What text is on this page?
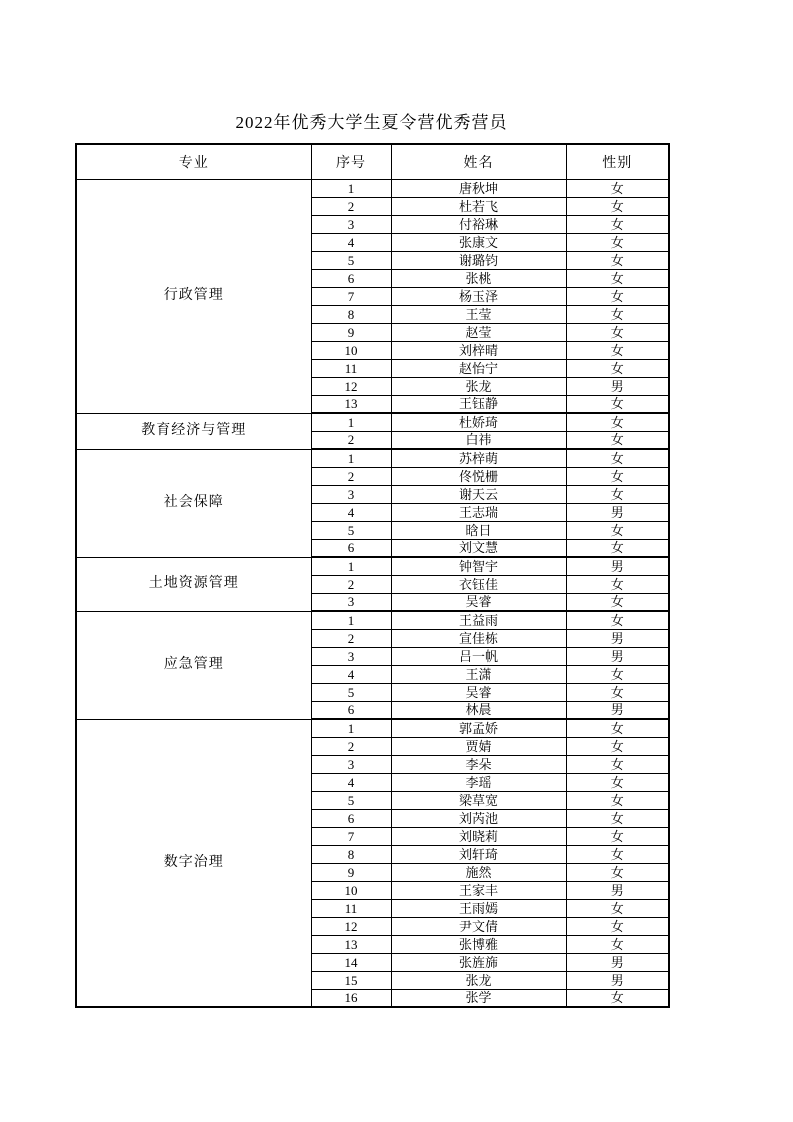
2022年优秀大学生夏令营优秀营员
专业	序号	姓名	性别
行政管理	1	唐秋坤	女
	2	杜若飞	女
	3	付裕琳	女
	4	张康文	女
	5	谢璐钧	女
	6	张桃	女
	7	杨玉泽	女
	8	王莹	女
	9	赵莹	女
	10	刘梓晴	女
	11	赵怡宁	女
	12	张龙	男
	13	王钰静	女
教育经济与管理	1	杜娇琦	女
	2	白祎	女
社会保障	1	苏梓萌	女
	2	佟悦栅	女
	3	谢天云	女
	4	王志瑞	男
	5	晗日	女
	6	刘文慧	女
土地资源管理	1	钟智宇	男
	2	衣钰佳	女
	3	吴睿	女
应急管理	1	王益雨	女
	2	宣佳栋	男
	3	吕一帆	男
	4	王潇	女
	5	吴睿	女
	6	林晨	男
数字治理	1	郭孟娇	女
	2	贾婧	女
	3	李朵	女
	4	李瑶	女
	5	梁草宽	女
	6	刘芮池	女
	7	刘晓莉	女
	8	刘轩琦	女
	9	施然	女
	10	王家丰	男
	11	王雨嫣	女
	12	尹文倩	女
	13	张博雅	女
	14	张旌旆	男
	15	张龙	男
	16	张学	女
